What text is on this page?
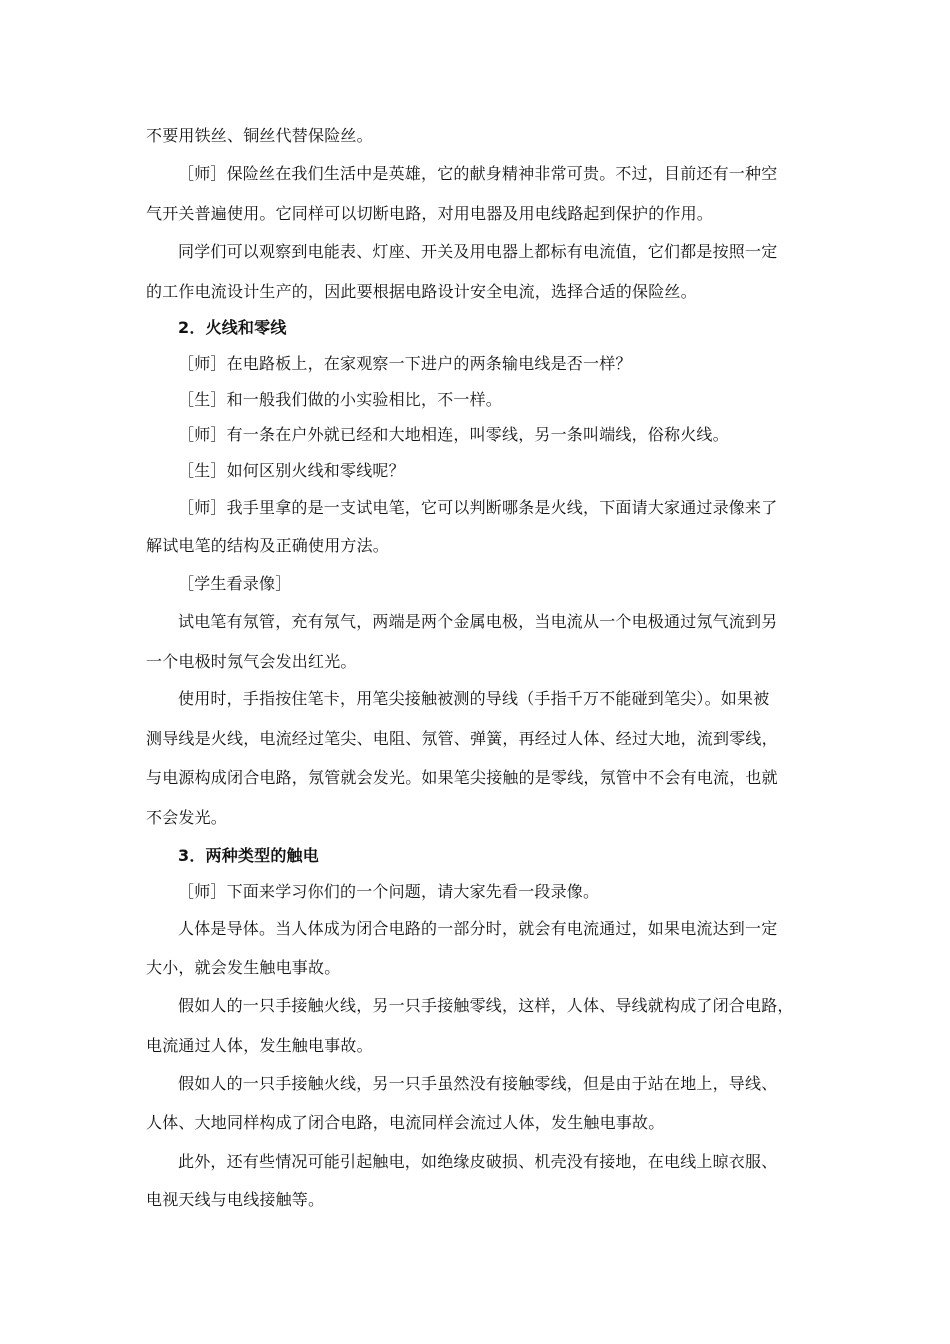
不要用铁丝、铜丝代替保险丝。
［师］保险丝在我们生活中是英雄，它的献身精神非常可贵。不过，目前还有一种空
气开关普遍使用。它同样可以切断电路，对用电器及用电线路起到保护的作用。
同学们可以观察到电能表、灯座、开关及用电器上都标有电流值，它们都是按照一定
的工作电流设计生产的，因此要根据电路设计安全电流，选择合适的保险丝。
2．火线和零线
［师］在电路板上，在家观察一下进户的两条输电线是否一样？
［生］和一般我们做的小实验相比，不一样。
［师］有一条在户外就已经和大地相连，叫零线，另一条叫端线，俗称火线。
［生］如何区别火线和零线呢？
［师］我手里拿的是一支试电笔，它可以判断哪条是火线，下面请大家通过录像来了
解试电笔的结构及正确使用方法。
［学生看录像］
试电笔有氖管，充有氖气，两端是两个金属电极，当电流从一个电极通过氖气流到另
一个电极时氖气会发出红光。
使用时，手指按住笔卡，用笔尖接触被测的导线（手指千万不能碰到笔尖）。如果被
测导线是火线，电流经过笔尖、电阻、氖管、弹簧，再经过人体、经过大地，流到零线，
与电源构成闭合电路，氖管就会发光。如果笔尖接触的是零线，氖管中不会有电流，也就
不会发光。
3．两种类型的触电
［师］下面来学习你们的一个问题，请大家先看一段录像。
人体是导体。当人体成为闭合电路的一部分时，就会有电流通过，如果电流达到一定
大小，就会发生触电事故。
假如人的一只手接触火线，另一只手接触零线，这样，人体、导线就构成了闭合电路，
电流通过人体，发生触电事故。
假如人的一只手接触火线，另一只手虽然没有接触零线，但是由于站在地上，导线、
人体、大地同样构成了闭合电路，电流同样会流过人体，发生触电事故。
此外，还有些情况可能引起触电，如绝缘皮破损、机壳没有接地，在电线上晾衣服、
电视天线与电线接触等。
